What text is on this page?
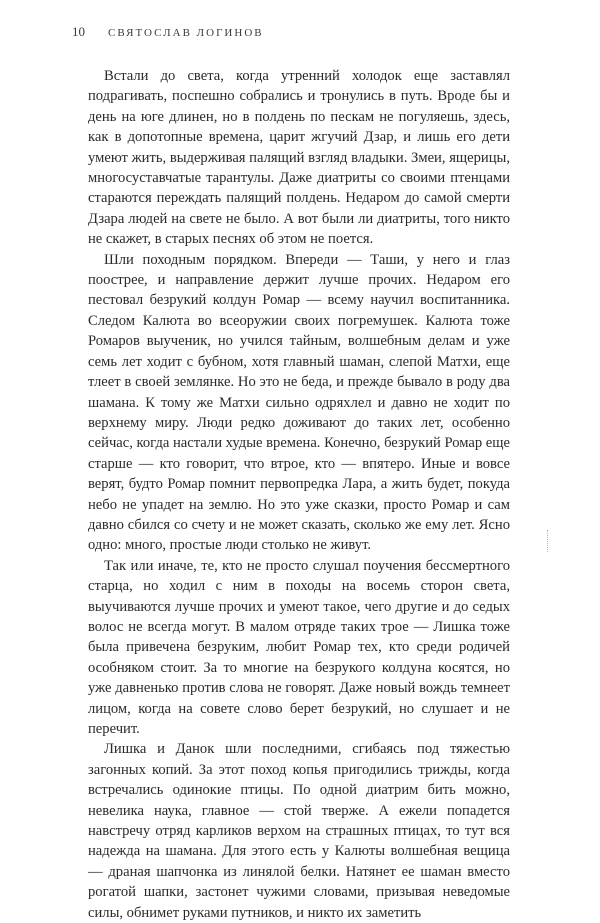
10	СВЯТОСЛАВ ЛОГИНОВ

Встали до света, когда утренний холодок еще заставлял подрагивать, поспешно собрались и тронулись в путь. Вроде бы и день на юге длинен, но в полдень по пескам не погуляешь, здесь, как в допотопные времена, царит жгучий Дзар, и лишь его дети умеют жить, выдерживая палящий взгляд владыки. Змеи, ящерицы, многосуставчатые тарантулы. Даже диатриты со своими птенцами стараются переждать палящий полдень. Недаром до самой смерти Дзара людей на свете не было. А вот были ли диатриты, того никто не скажет, в старых песнях об этом не поется.

Шли походным порядком. Впереди — Таши, у него и глаз поострее, и направление держит лучше прочих. Недаром его пестовал безрукий колдун Ромар — всему научил воспитанника. Следом Калюта во всеоружии своих погремушек. Калюта тоже Ромаров выученик, но учился тайным, волшебным делам и уже семь лет ходит с бубном, хотя главный шаман, слепой Матхи, еще тлеет в своей землянке. Но это не беда, и прежде бывало в роду два шамана. К тому же Матхи сильно одряхлел и давно не ходит по верхнему миру. Люди редко доживают до таких лет, особенно сейчас, когда настали худые времена. Конечно, безрукий Ромар еще старше — кто говорит, что втрое, кто — впятеро. Иные и вовсе верят, будто Ромар помнит первопредка Лара, а жить будет, покуда небо не упадет на землю. Но это уже сказки, просто Ромар и сам давно сбился со счету и не может сказать, сколько же ему лет. Ясно одно: много, простые люди столько не живут.

Так или иначе, те, кто не просто слушал поучения бессмертного старца, но ходил с ним в походы на восемь сторон света, выучиваются лучше прочих и умеют такое, чего другие и до седых волос не всегда могут. В малом отряде таких трое — Лишка тоже была привечена безруким, любит Ромар тех, кто среди родичей особняком стоит. За то многие на безрукого колдуна косятся, но уже давненько против слова не говорят. Даже новый вождь темнеет лицом, когда на совете слово берет безрукий, но слушает и не перечит.

Лишка и Данок шли последними, сгибаясь под тяжестью загонных копий. За этот поход копья пригодились трижды, когда встречались одинокие птицы. По одной диатрим бить можно, невелика наука, главное — стой тверже. А ежели попадется навстречу отряд карликов верхом на страшных птицах, то тут вся надежда на шамана. Для этого есть у Калюты волшебная вещица — драная шапчонка из линялой белки. Натянет ее шаман вместо рогатой шапки, застонет чужими словами, призывая неведомые силы, обнимет руками путников, и никто их заметить
